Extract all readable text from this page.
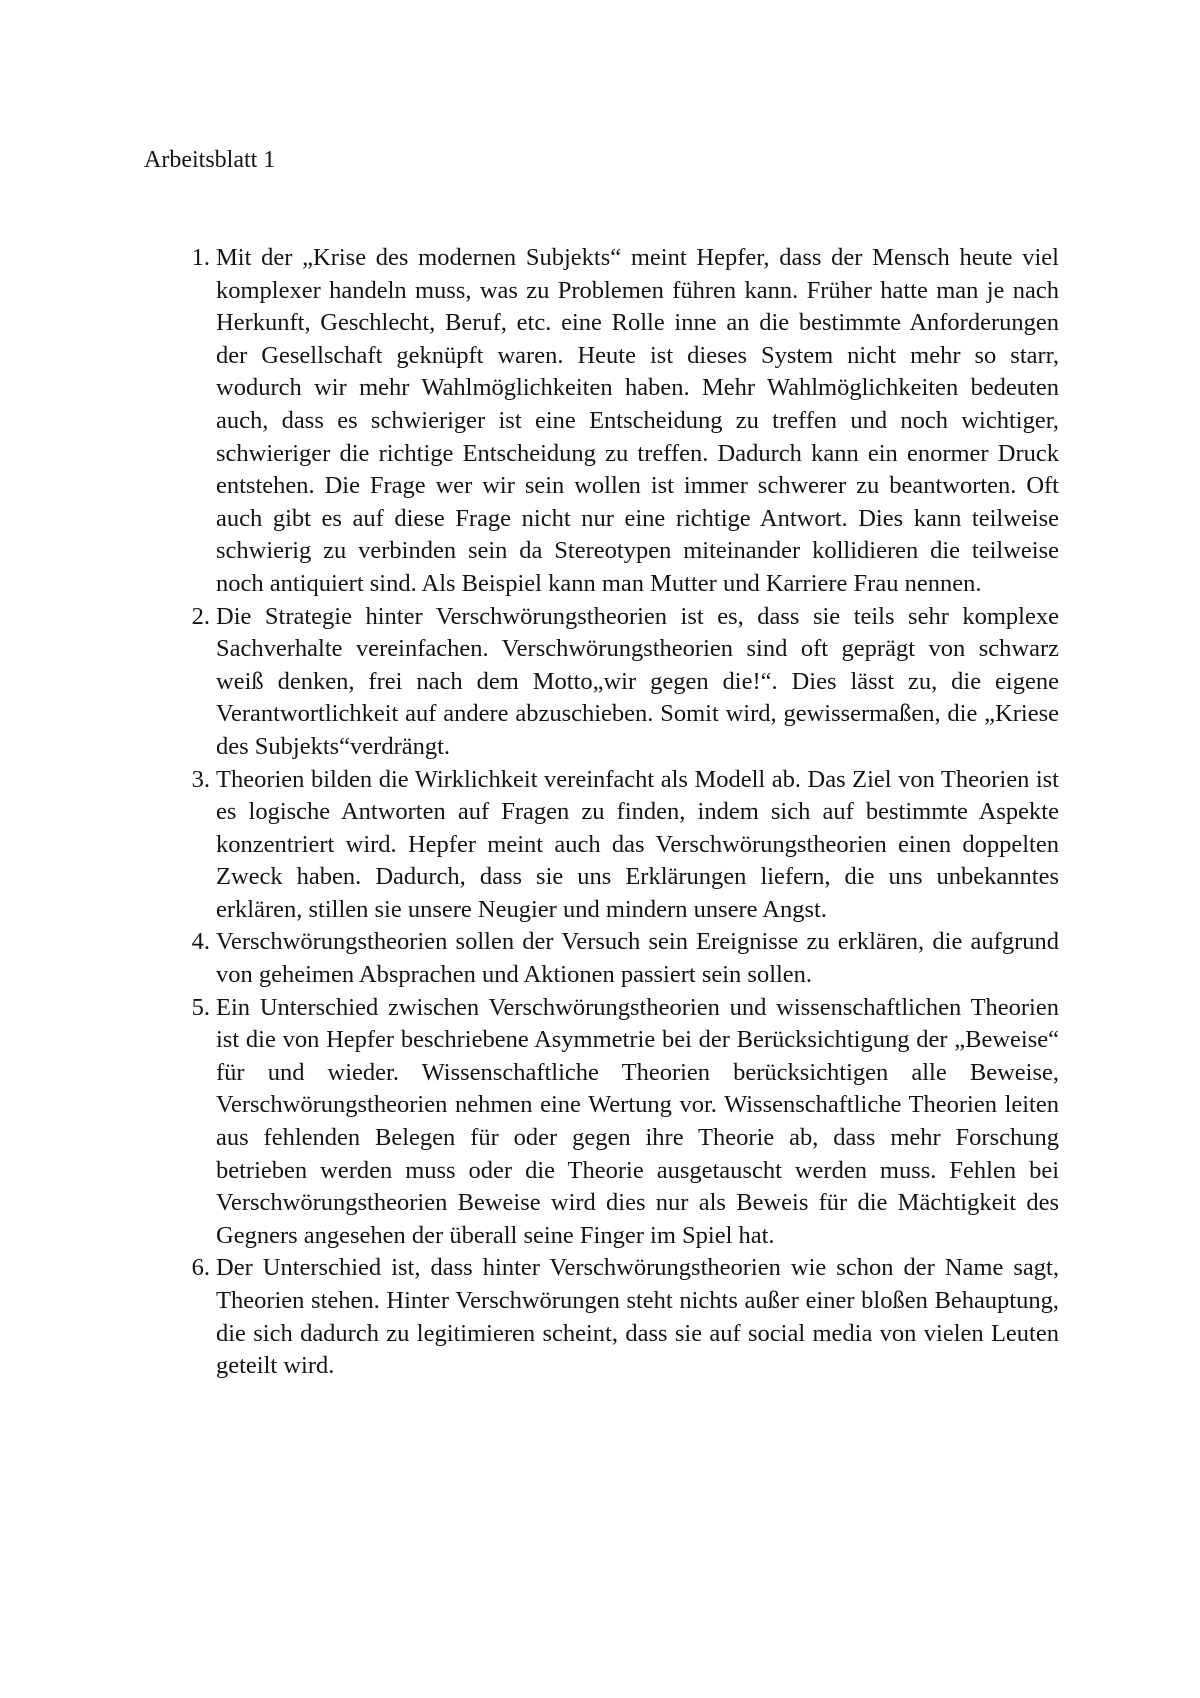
Arbeitsblatt 1
1. Mit der „Krise des modernen Subjekts“ meint Hepfer, dass der Mensch heute viel komplexer handeln muss, was zu Problemen führen kann. Früher hatte man je nach Herkunft, Geschlecht, Beruf, etc. eine Rolle inne an die bestimmte Anforderungen der Gesellschaft geknüpft waren. Heute ist dieses System nicht mehr so starr, wodurch wir mehr Wahlmöglichkeiten haben. Mehr Wahlmöglichkeiten bedeuten auch, dass es schwieriger ist eine Entscheidung zu treffen und noch wichtiger, schwieriger die richtige Entscheidung zu treffen. Dadurch kann ein enormer Druck entstehen. Die Frage wer wir sein wollen ist immer schwerer zu beantworten. Oft auch gibt es auf diese Frage nicht nur eine richtige Antwort. Dies kann teilweise schwierig zu verbinden sein da Stereotypen miteinander kollidieren die teilweise noch antiquiert sind. Als Beispiel kann man Mutter und Karriere Frau nennen.
2. Die Strategie hinter Verschwörungstheorien ist es, dass sie teils sehr komplexe Sachverhalte vereinfachen. Verschwörungstheorien sind oft geprägt von schwarz weiß denken, frei nach dem Motto„wir gegen die!“. Dies lässt zu, die eigene Verantwortlichkeit auf andere abzuschieben. Somit wird, gewissermaßen, die „Kriese des Subjekts“verdrängt.
3. Theorien bilden die Wirklichkeit vereinfacht als Modell ab. Das Ziel von Theorien ist es logische Antworten auf Fragen zu finden, indem sich auf bestimmte Aspekte konzentriert wird. Hepfer meint auch das Verschwörungstheorien einen doppelten Zweck haben. Dadurch, dass sie uns Erklärungen liefern, die uns unbekanntes erklären, stillen sie unsere Neugier und mindern unsere Angst.
4. Verschwörungstheorien sollen der Versuch sein Ereignisse zu erklären, die aufgrund von geheimen Absprachen und Aktionen passiert sein sollen.
5. Ein Unterschied zwischen Verschwörungstheorien und wissenschaftlichen Theorien ist die von Hepfer beschriebene Asymmetrie bei der Berücksichtigung der „Beweise“ für und wieder. Wissenschaftliche Theorien berücksichtigen alle Beweise, Verschwörungstheorien nehmen eine Wertung vor. Wissenschaftliche Theorien leiten aus fehlenden Belegen für oder gegen ihre Theorie ab, dass mehr Forschung betrieben werden muss oder die Theorie ausgetauscht werden muss. Fehlen bei Verschwörungstheorien Beweise wird dies nur als Beweis für die Mächtigkeit des Gegners angesehen der überall seine Finger im Spiel hat.
6. Der Unterschied ist, dass hinter Verschwörungstheorien wie schon der Name sagt, Theorien stehen. Hinter Verschwörungen steht nichts außer einer bloßen Behauptung, die sich dadurch zu legitimieren scheint, dass sie auf social media von vielen Leuten geteilt wird.
